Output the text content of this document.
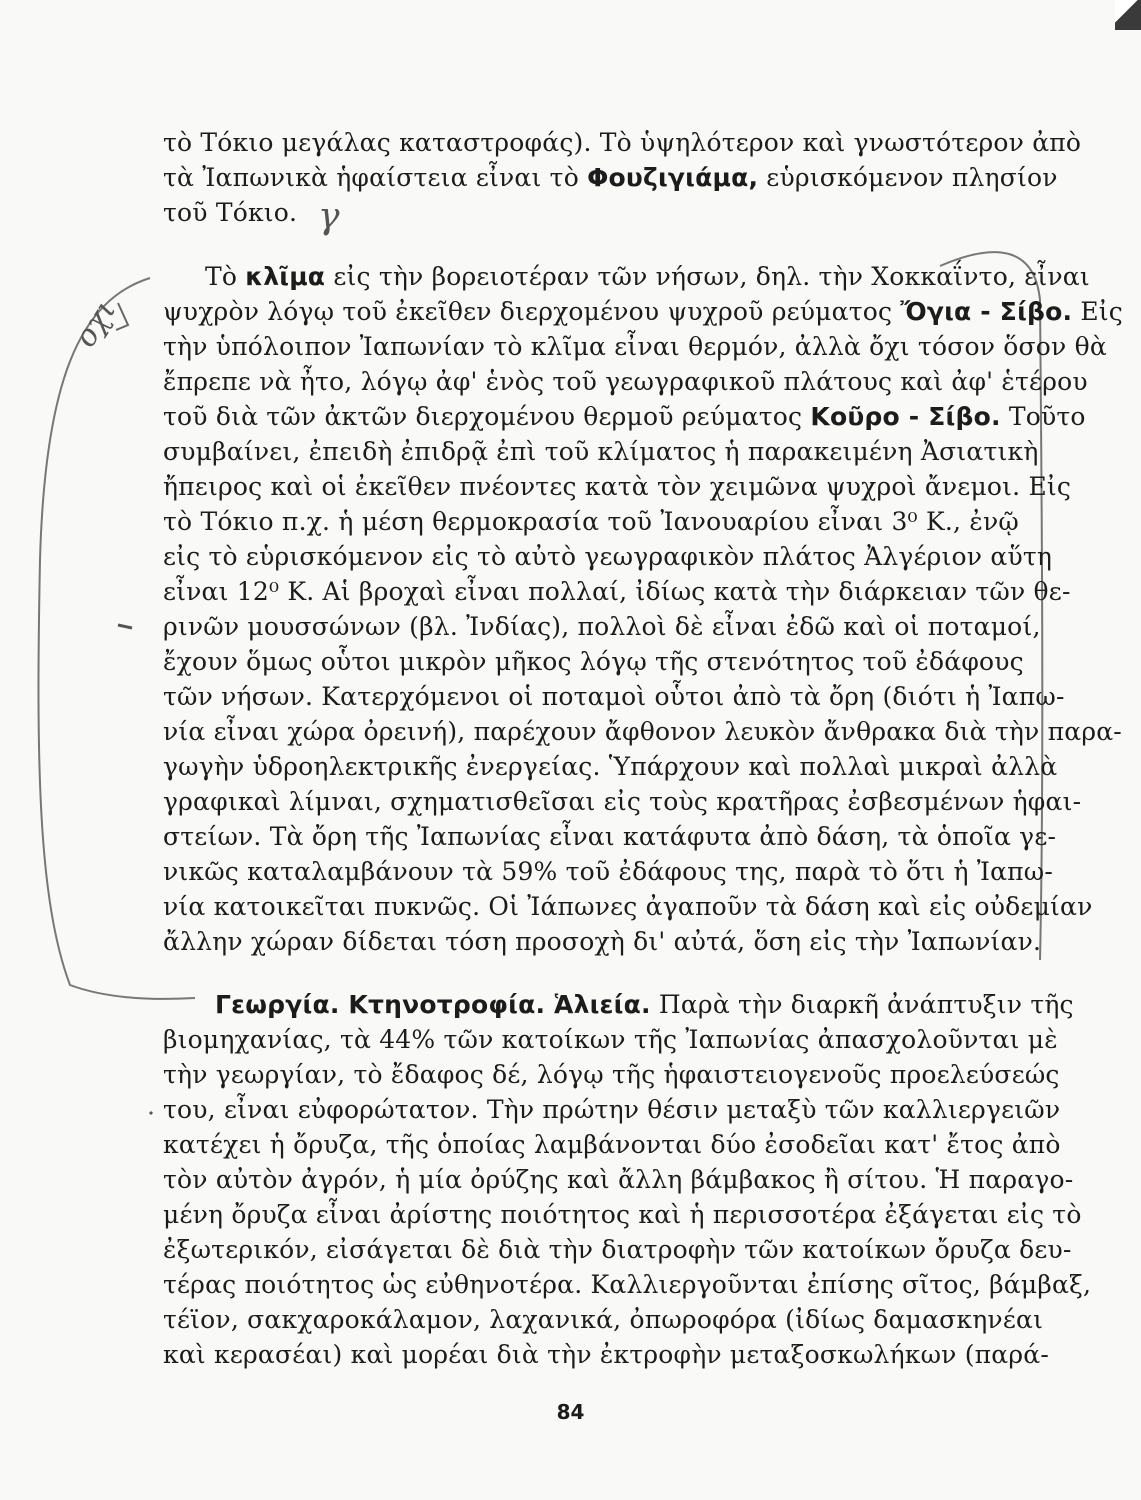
οχι
γ
τὸ Τόκιο μεγάλας καταστροφάς). Τὸ ὑψηλότερον καὶ γνωστότερον ἀπὸ
τὰ Ἰαπωνικὰ ἡφαίστεια εἶναι τὸ Φουζιγιάμα, εὑρισκόμενον πλησίον
τοῦ Τόκιο.
Τὸ κλῖμα εἰς τὴν βορειοτέραν τῶν νήσων, δηλ. τὴν Χοκκαΐντο, εἶναι
ψυχρὸν λόγῳ τοῦ ἐκεῖθεν διερχομένου ψυχροῦ ρεύματος Ὄγια - Σίβο. Εἰς
τὴν ὑπόλοιπον Ἰαπωνίαν τὸ κλῖμα εἶναι θερμόν, ἀλλὰ ὄχι τόσον ὅσον θὰ
ἔπρεπε νὰ ἦτο, λόγῳ ἀφ' ἑνὸς τοῦ γεωγραφικοῦ πλάτους καὶ ἀφ' ἑτέρου
τοῦ διὰ τῶν ἀκτῶν διερχομένου θερμοῦ ρεύματος Κοῦρο - Σίβο. Τοῦτο
συμβαίνει, ἐπειδὴ ἐπιδρᾷ ἐπὶ τοῦ κλίματος ἡ παρακειμένη Ἀσιατικὴ
ἤπειρος καὶ οἱ ἐκεῖθεν πνέοντες κατὰ τὸν χειμῶνα ψυχροὶ ἄνεμοι. Εἰς
τὸ Τόκιο π.χ. ἡ μέση θερμοκρασία τοῦ Ἰανουαρίου εἶναι 3⁰ Κ., ἐνῷ
εἰς τὸ εὑρισκόμενον εἰς τὸ αὐτὸ γεωγραφικὸν πλάτος Ἀλγέριον αὕτη
εἶναι 12⁰ Κ. Αἱ βροχαὶ εἶναι πολλαί, ἰδίως κατὰ τὴν διάρκειαν τῶν θε-
ρινῶν μουσσώνων (βλ. Ἰνδίας), πολλοὶ δὲ εἶναι ἐδῶ καὶ οἱ ποταμοί,
ἔχουν ὅμως οὗτοι μικρὸν μῆκος λόγῳ τῆς στενότητος τοῦ ἐδάφους
τῶν νήσων. Κατερχόμενοι οἱ ποταμοὶ οὗτοι ἀπὸ τὰ ὄρη (διότι ἡ Ἰαπω-
νία εἶναι χώρα ὀρεινή), παρέχουν ἄφθονον λευκὸν ἄνθρακα διὰ τὴν παρα-
γωγὴν ὑδροηλεκτρικῆς ἐνεργείας. Ὑπάρχουν καὶ πολλαὶ μικραὶ ἀλλὰ
γραφικαὶ λίμναι, σχηματισθεῖσαι εἰς τοὺς κρατῆρας ἐσβεσμένων ἡφαι-
στείων. Τὰ ὄρη τῆς Ἰαπωνίας εἶναι κατάφυτα ἀπὸ δάση, τὰ ὁποῖα γε-
νικῶς καταλαμβάνουν τὰ 59% τοῦ ἐδάφους της, παρὰ τὸ ὅτι ἡ Ἰαπω-
νία κατοικεῖται πυκνῶς. Οἱ Ἰάπωνες ἀγαποῦν τὰ δάση καὶ εἰς οὐδεμίαν
ἄλλην χώραν δίδεται τόση προσοχὴ δι' αὐτά, ὅση εἰς τὴν Ἰαπωνίαν.
Γεωργία. Κτηνοτροφία. Ἁλιεία. Παρὰ τὴν διαρκῆ ἀνάπτυξιν τῆς
βιομηχανίας, τὰ 44% τῶν κατοίκων τῆς Ἰαπωνίας ἀπασχολοῦνται μὲ
τὴν γεωργίαν, τὸ ἔδαφος δέ, λόγῳ τῆς ἡφαιστειογενοῦς προελεύσεώς
του, εἶναι εὐφορώτατον. Τὴν πρώτην θέσιν μεταξὺ τῶν καλλιεργειῶν
κατέχει ἡ ὄρυζα, τῆς ὁποίας λαμβάνονται δύο ἐσοδεῖαι κατ' ἔτος ἀπὸ
τὸν αὐτὸν ἀγρόν, ἡ μία ὀρύζης καὶ ἄλλη βάμβακος ἢ σίτου. Ἡ παραγο-
μένη ὄρυζα εἶναι ἀρίστης ποιότητος καὶ ἡ περισσοτέρα ἐξάγεται εἰς τὸ
ἐξωτερικόν, εἰσάγεται δὲ διὰ τὴν διατροφὴν τῶν κατοίκων ὄρυζα δευ-
τέρας ποιότητος ὡς εὐθηνοτέρα. Καλλιεργοῦνται ἐπίσης σῖτος, βάμβαξ,
τέϊον, σακχαροκάλαμον, λαχανικά, ὀπωροφόρα (ἰδίως δαμασκηνέαι
καὶ κερασέαι) καὶ μορέαι διὰ τὴν ἐκτροφὴν μεταξοσκωλήκων (παρά-
84
